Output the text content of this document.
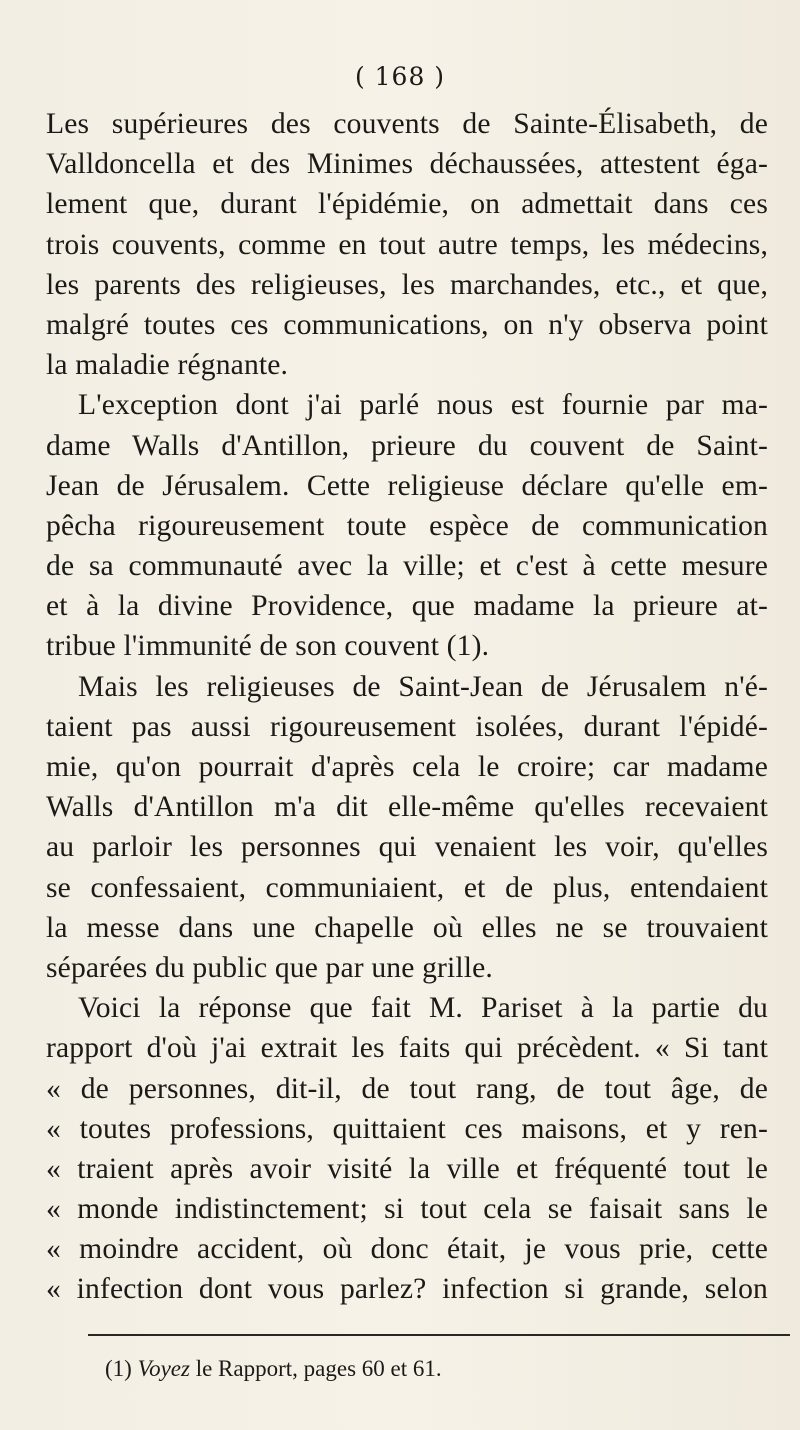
( 168 )
Les supérieures des couvents de Sainte-Élisabeth, de
Valldoncella et des Minimes déchaussées, attestent éga-
lement que, durant l'épidémie, on admettait dans ces
trois couvents, comme en tout autre temps, les médecins,
les parents des religieuses, les marchandes, etc., et que,
malgré toutes ces communications, on n'y observa point
la maladie régnante.
L'exception dont j'ai parlé nous est fournie par ma-
dame Walls d'Antillon, prieure du couvent de Saint-
Jean de Jérusalem. Cette religieuse déclare qu'elle em-
pêcha rigoureusement toute espèce de communication
de sa communauté avec la ville; et c'est à cette mesure
et à la divine Providence, que madame la prieure at-
tribue l'immunité de son couvent (1).
Mais les religieuses de Saint-Jean de Jérusalem n'é-
taient pas aussi rigoureusement isolées, durant l'épidé-
mie, qu'on pourrait d'après cela le croire; car madame
Walls d'Antillon m'a dit elle-même qu'elles recevaient
au parloir les personnes qui venaient les voir, qu'elles
se confessaient, communiaient, et de plus, entendaient
la messe dans une chapelle où elles ne se trouvaient
séparées du public que par une grille.
Voici la réponse que fait M. Pariset à la partie du
rapport d'où j'ai extrait les faits qui précèdent. « Si tant
« de personnes, dit-il, de tout rang, de tout âge, de
« toutes professions, quittaient ces maisons, et y ren-
« traient après avoir visité la ville et fréquenté tout le
« monde indistinctement; si tout cela se faisait sans le
« moindre accident, où donc était, je vous prie, cette
« infection dont vous parlez? infection si grande, selon
(1) Voyez le Rapport, pages 60 et 61.
